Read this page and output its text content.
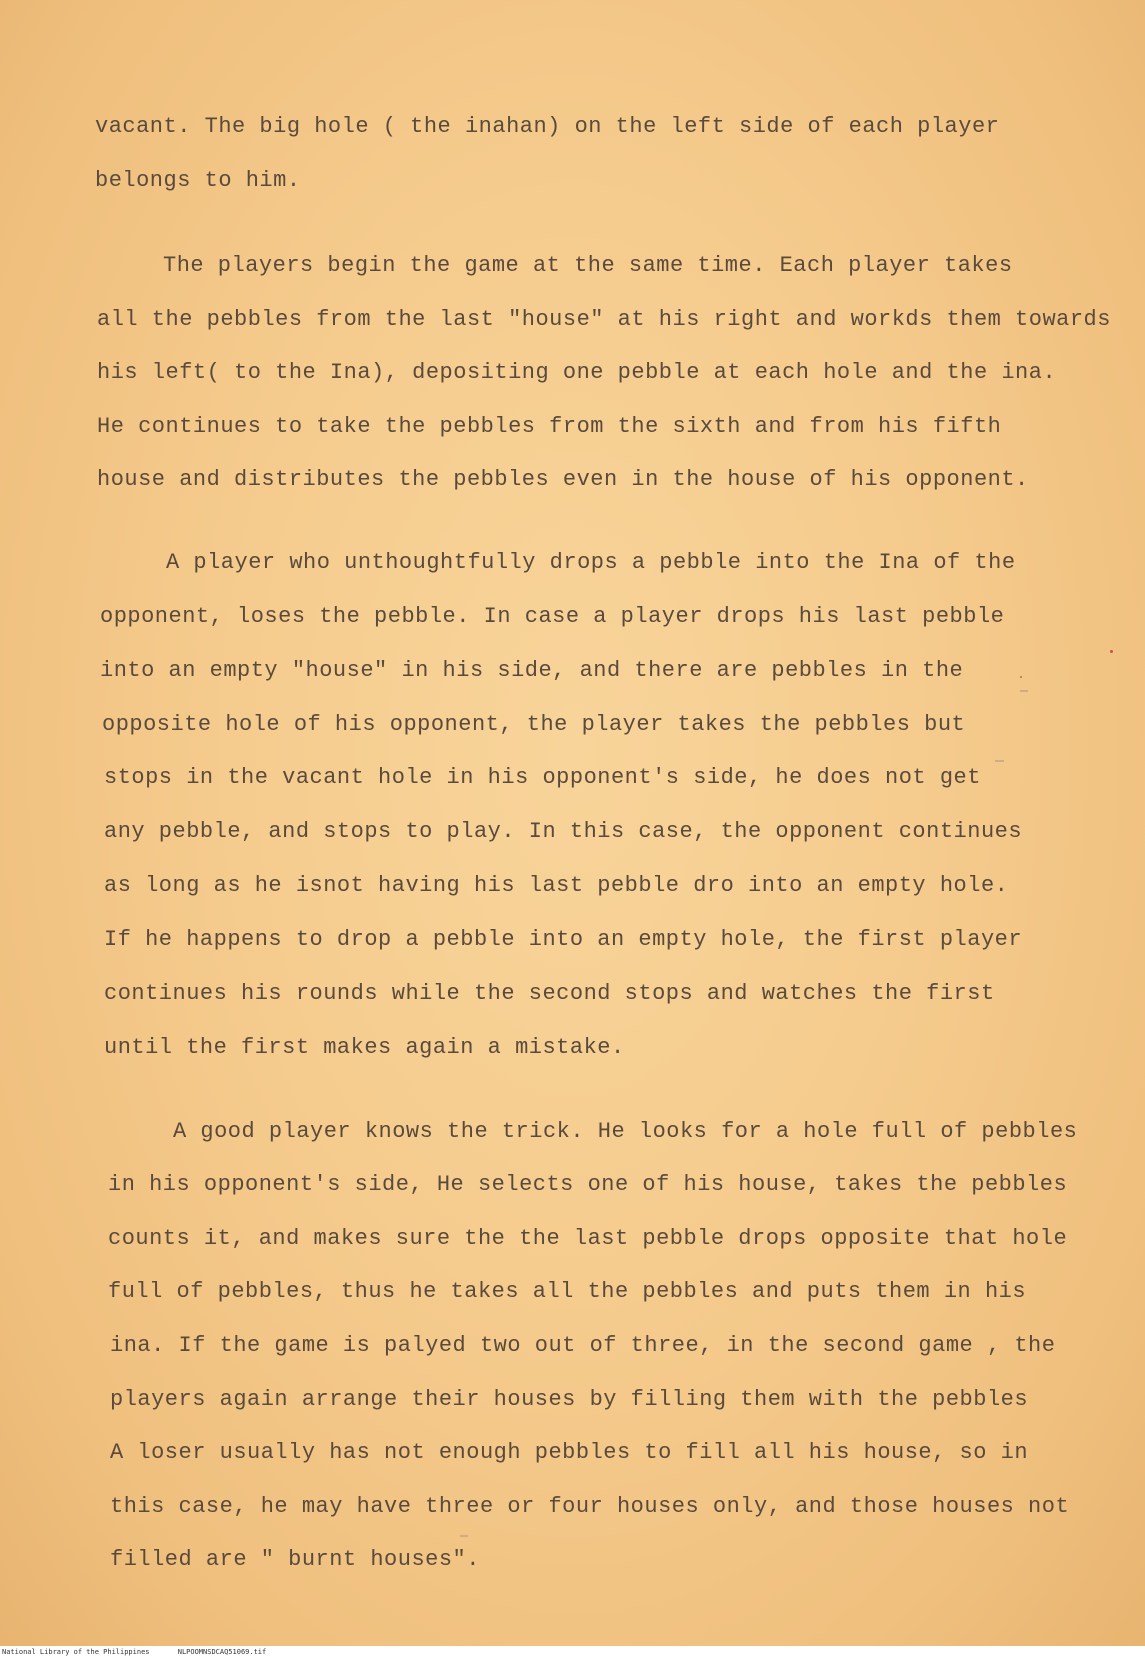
vacant. The big hole ( the inahan) on the left side of each player
belongs to him.
The players begin the game at the same time. Each player takes
all the pebbles from the last "house" at his right and workds them towards
his left( to the Ina), depositing one pebble at each hole and the ina.
He continues to take the pebbles from the sixth and from his fifth
house and distributes the pebbles even in the house of his opponent.
A player who unthoughtfully drops a pebble into the Ina of the
opponent, loses the pebble. In case a player drops his last pebble
into an empty "house" in his side, and there are pebbles in the
opposite hole of his opponent, the player takes the pebbles but
stops in the vacant hole in his opponent's side, he does not get
any pebble, and stops to play. In this case, the opponent continues
as long as he isnot having his last pebble dro into an empty hole.
If he happens to drop a pebble into an empty hole, the first player
continues his rounds while the second stops and watches the first
until the first makes again a mistake.
A good player knows the trick. He looks for a hole full of pebbles
in his opponent's side, He selects one of his house, takes the pebbles
counts it, and makes sure the the last pebble drops opposite that hole
full of pebbles, thus he takes all the pebbles and puts them in his
ina. If the game is palyed two out of three, in the second game , the
players again arrange their houses by filling them with the pebbles
A loser usually has not enough pebbles to fill all his house, so in
this case, he may have three or four houses only, and those houses not
filled are " burnt houses".
National Library of the Philippines	NLPOOMNSDCAQ51069.tif
